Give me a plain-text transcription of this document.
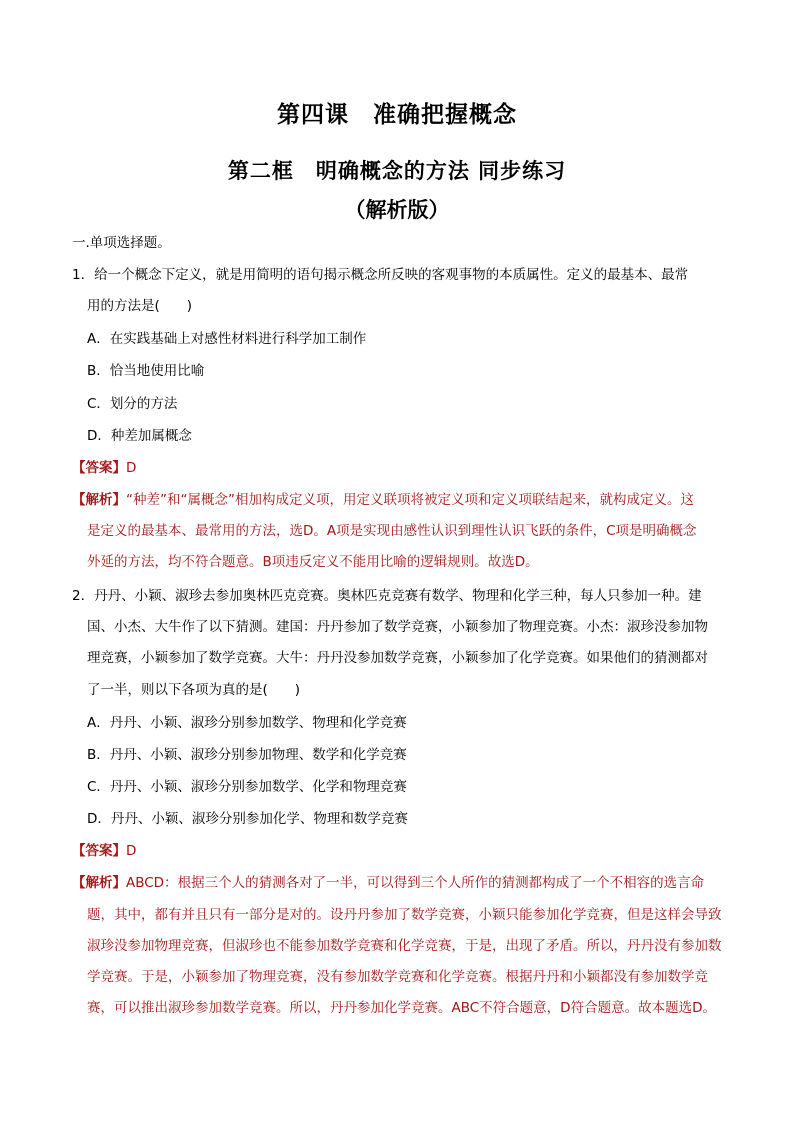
第四课　准确把握概念
第二框　明确概念的方法 同步练习
（解析版）
一.单项选择题。
1．给一个概念下定义，就是用简明的语句揭示概念所反映的客观事物的本质属性。定义的最基本、最常
用的方法是(　　)
A．在实践基础上对感性材料进行科学加工制作
B．恰当地使用比喻
C．划分的方法
D．种差加属概念
【答案】D
【解析】“种差”和“属概念”相加构成定义项，用定义联项将被定义项和定义项联结起来，就构成定义。这
是定义的最基本、最常用的方法，选D。A项是实现由感性认识到理性认识飞跃的条件，C项是明确概念
外延的方法，均不符合题意。B项违反定义不能用比喻的逻辑规则。故选D。
2．丹丹、小颖、淑珍去参加奥林匹克竞赛。奥林匹克竞赛有数学、物理和化学三种，每人只参加一种。建
国、小杰、大牛作了以下猜测。建国：丹丹参加了数学竞赛，小颖参加了物理竞赛。小杰：淑珍没参加物
理竞赛，小颖参加了数学竞赛。大牛：丹丹没参加数学竞赛，小颖参加了化学竞赛。如果他们的猜测都对
了一半，则以下各项为真的是(　　)
A．丹丹、小颖、淑珍分别参加数学、物理和化学竞赛
B．丹丹、小颖、淑珍分别参加物理、数学和化学竞赛
C．丹丹、小颖、淑珍分别参加数学、化学和物理竞赛
D．丹丹、小颖、淑珍分别参加化学、物理和数学竞赛
【答案】D
【解析】ABCD：根据三个人的猜测各对了一半，可以得到三个人所作的猜测都构成了一个不相容的选言命
题，其中，都有并且只有一部分是对的。设丹丹参加了数学竞赛，小颖只能参加化学竞赛，但是这样会导致
淑珍没参加物理竞赛，但淑珍也不能参加数学竞赛和化学竞赛，于是，出现了矛盾。所以，丹丹没有参加数
学竞赛。于是，小颖参加了物理竞赛，没有参加数学竞赛和化学竞赛。根据丹丹和小颖都没有参加数学竞
赛，可以推出淑珍参加数学竞赛。所以，丹丹参加化学竞赛。ABC不符合题意，D符合题意。故本题选D。
